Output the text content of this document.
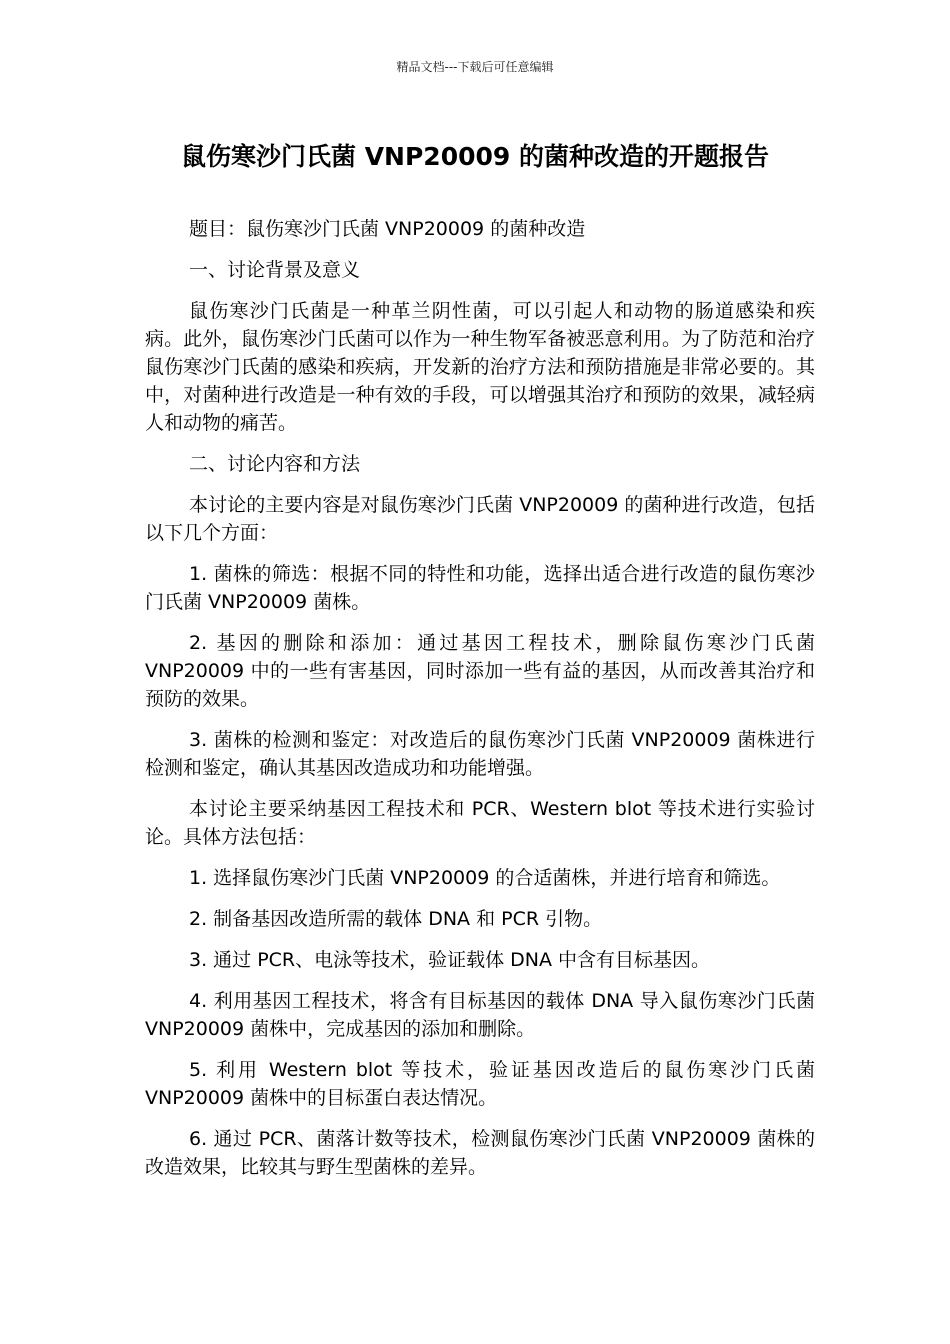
精品文档---下载后可任意编辑
鼠伤寒沙门氏菌 VNP20009 的菌种改造的开题报告

题目：鼠伤寒沙门氏菌 VNP20009 的菌种改造

一、讨论背景及意义

鼠伤寒沙门氏菌是一种革兰阴性菌，可以引起人和动物的肠道感染和疾病。此外，鼠伤寒沙门氏菌可以作为一种生物军备被恶意利用。为了防范和治疗鼠伤寒沙门氏菌的感染和疾病，开发新的治疗方法和预防措施是非常必要的。其中，对菌种进行改造是一种有效的手段，可以增强其治疗和预防的效果，减轻病人和动物的痛苦。

二、讨论内容和方法

本讨论的主要内容是对鼠伤寒沙门氏菌 VNP20009 的菌种进行改造，包括以下几个方面：

1. 菌株的筛选：根据不同的特性和功能，选择出适合进行改造的鼠伤寒沙门氏菌 VNP20009 菌株。

2. 基因的删除和添加：通过基因工程技术，删除鼠伤寒沙门氏菌 VNP20009 中的一些有害基因，同时添加一些有益的基因，从而改善其治疗和预防的效果。

3. 菌株的检测和鉴定：对改造后的鼠伤寒沙门氏菌 VNP20009 菌株进行检测和鉴定，确认其基因改造成功和功能增强。

本讨论主要采纳基因工程技术和 PCR、Western blot 等技术进行实验讨论。具体方法包括：

1. 选择鼠伤寒沙门氏菌 VNP20009 的合适菌株，并进行培育和筛选。

2. 制备基因改造所需的载体 DNA 和 PCR 引物。

3. 通过 PCR、电泳等技术，验证载体 DNA 中含有目标基因。

4. 利用基因工程技术，将含有目标基因的载体 DNA 导入鼠伤寒沙门氏菌 VNP20009 菌株中，完成基因的添加和删除。

5. 利用 Western blot 等技术，验证基因改造后的鼠伤寒沙门氏菌 VNP20009 菌株中的目标蛋白表达情况。

6. 通过 PCR、菌落计数等技术，检测鼠伤寒沙门氏菌 VNP20009 菌株的改造效果，比较其与野生型菌株的差异。
